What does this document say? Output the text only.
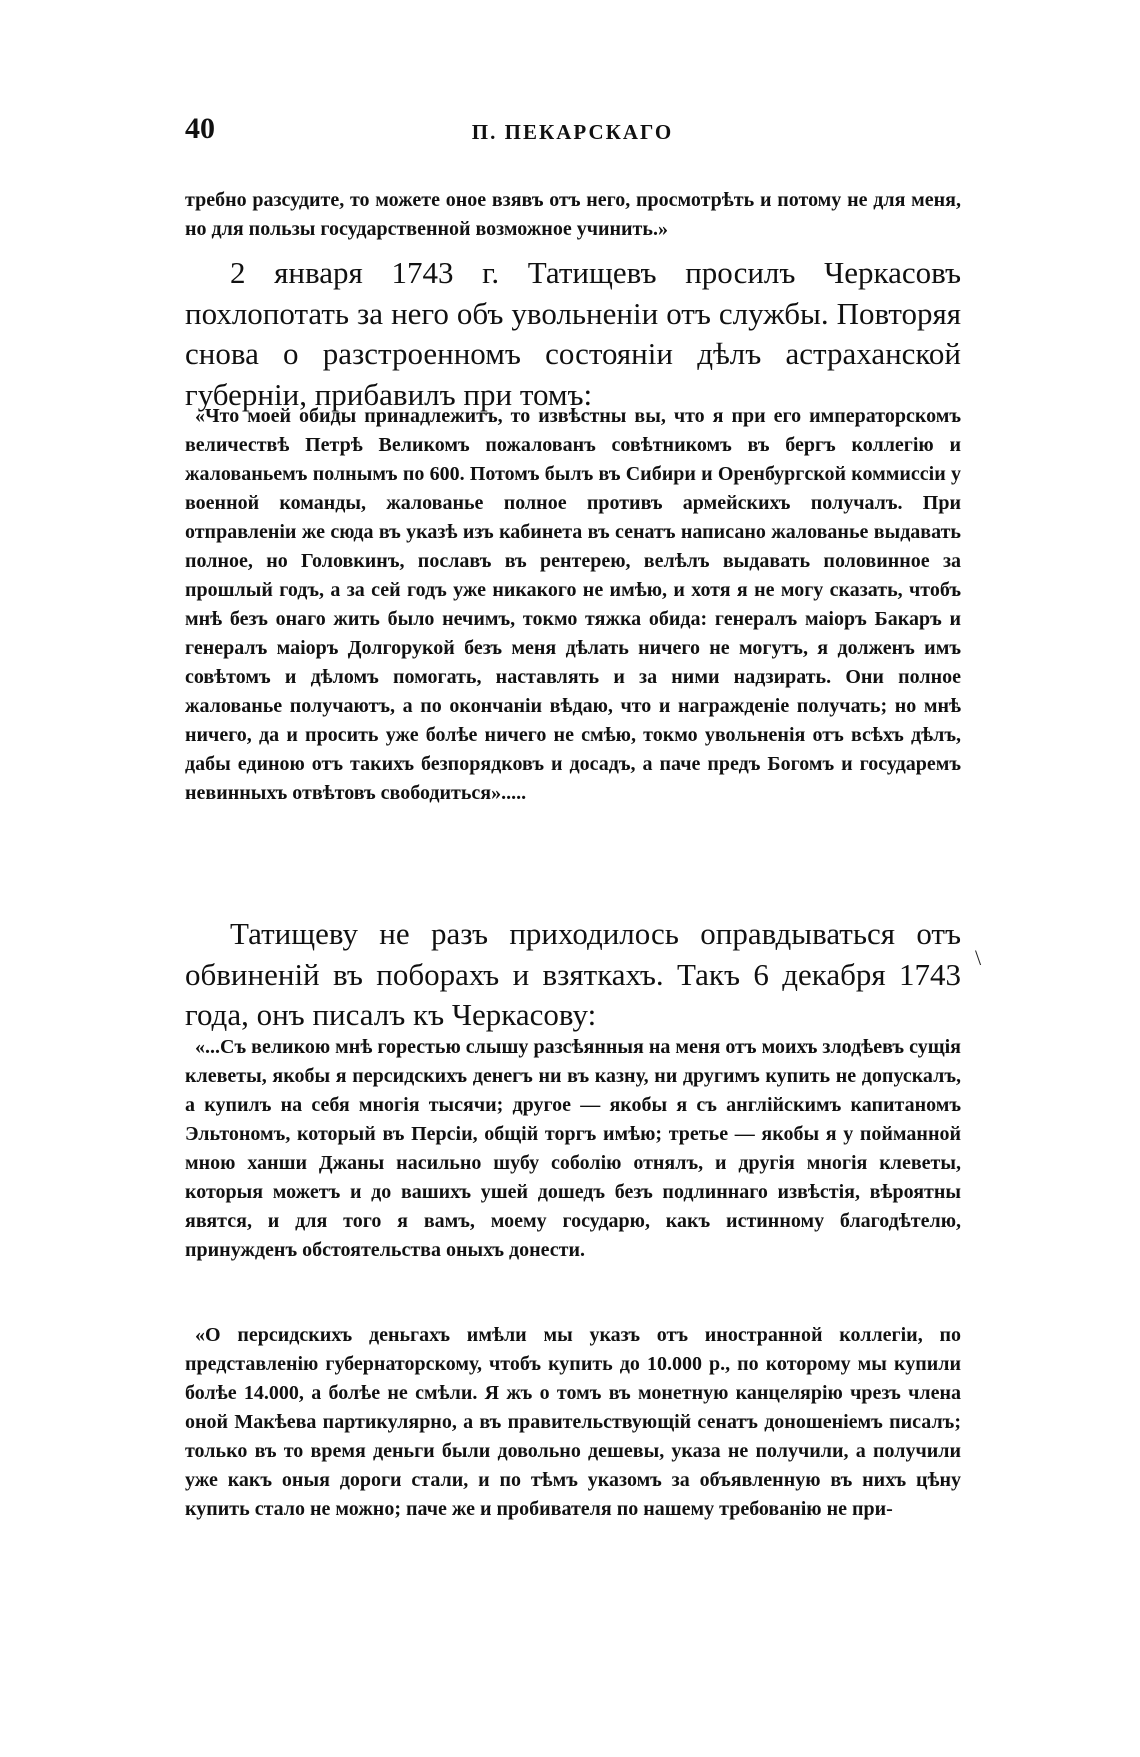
40	П. ПЕКАРСКАГО

требно разсудите, то можете оное взявъ отъ него, просмотрѣть и потому не для меня, но для пользы государственной возможное учинить.»

2 января 1743 г. Татищевъ просилъ Черкасовъ похлопотать за него объ увольненіи отъ службы. Повторяя снова о разстроенномъ состояніи дѣлъ астраханской губерніи, прибавилъ при томъ:

«Что моей обиды принадлежитъ, то извѣстны вы, что я при его императорскомъ величествѣ Петрѣ Великомъ пожалованъ совѣтникомъ въ бергъ коллегію и жалованьемъ полнымъ по 600. Потомъ былъ въ Сибири и Оренбургской коммиссіи у военной команды, жалованье полное противъ армейскихъ получалъ. При отправленіи же сюда въ указѣ изъ кабинета въ сенатъ написано жалованье выдавать полное, но Головкинъ, пославъ въ рентерею, велѣлъ выдавать половинное за прошлый годъ, а за сей годъ уже никакого не имѣю, и хотя я не могу сказать, чтобъ мнѣ безъ онаго жить было нечимъ, токмо тяжка обида: генералъ маіоръ Бакаръ и генералъ маіоръ Долгорукой безъ меня дѣлать ничего не могутъ, я долженъ имъ совѣтомъ и дѣломъ помогать, наставлять и за ними надзирать. Они полное жалованье получаютъ, а по окончаніи вѣдаю, что и награжденіе получать; но мнѣ ничего, да и просить уже болѣе ничего не смѣю, токмо увольненія отъ всѣхъ дѣлъ, дабы единою отъ такихъ безпорядковъ и досадъ, а паче предъ Богомъ и государемъ невинныхъ отвѣтовъ свободиться».....

Татищеву не разъ приходилось оправдываться отъ обвиненій въ поборахъ и взяткахъ. Такъ 6 декабря 1743 года, онъ писалъ къ Черкасову:

«...Съ великою мнѣ горестью слышу разсѣянныя на меня отъ моихъ злодѣевъ сущія клеветы, якобы я персидскихъ денегъ ни въ казну, ни другимъ купить не допускалъ, а купилъ на себя многія тысячи; другое — якобы я съ англійскимъ капитаномъ Эльтономъ, который въ Персіи, общій торгъ имѣю; третье — якобы я у пойманной мною ханши Джаны насильно шубу соболію отнялъ, и другія многія клеветы, которыя можетъ и до вашихъ ушей дошедъ безъ подлиннаго извѣстія, вѣроятны явятся, и для того я вамъ, моему государю, какъ истинному благодѣтелю, принужденъ обстоятельства оныхъ донести.

«О персидскихъ деньгахъ имѣли мы указъ отъ иностранной коллегіи, по представленію губернаторскому, чтобъ купить до 10.000 р., по которому мы купили болѣе 14.000, а болѣе не смѣли. Я жъ о томъ въ монетную канцелярію чрезъ члена оной Макѣева партикулярно, а въ правительствующій сенатъ доношеніемъ писалъ; только въ то время деньги были довольно дешевы, указа не получили, а получили уже какъ оныя дороги стали, и по тѣмъ указомъ за объявленную въ нихъ цѣну купить стало не можно; паче же и пробивателя по нашему требованію не при-

\
